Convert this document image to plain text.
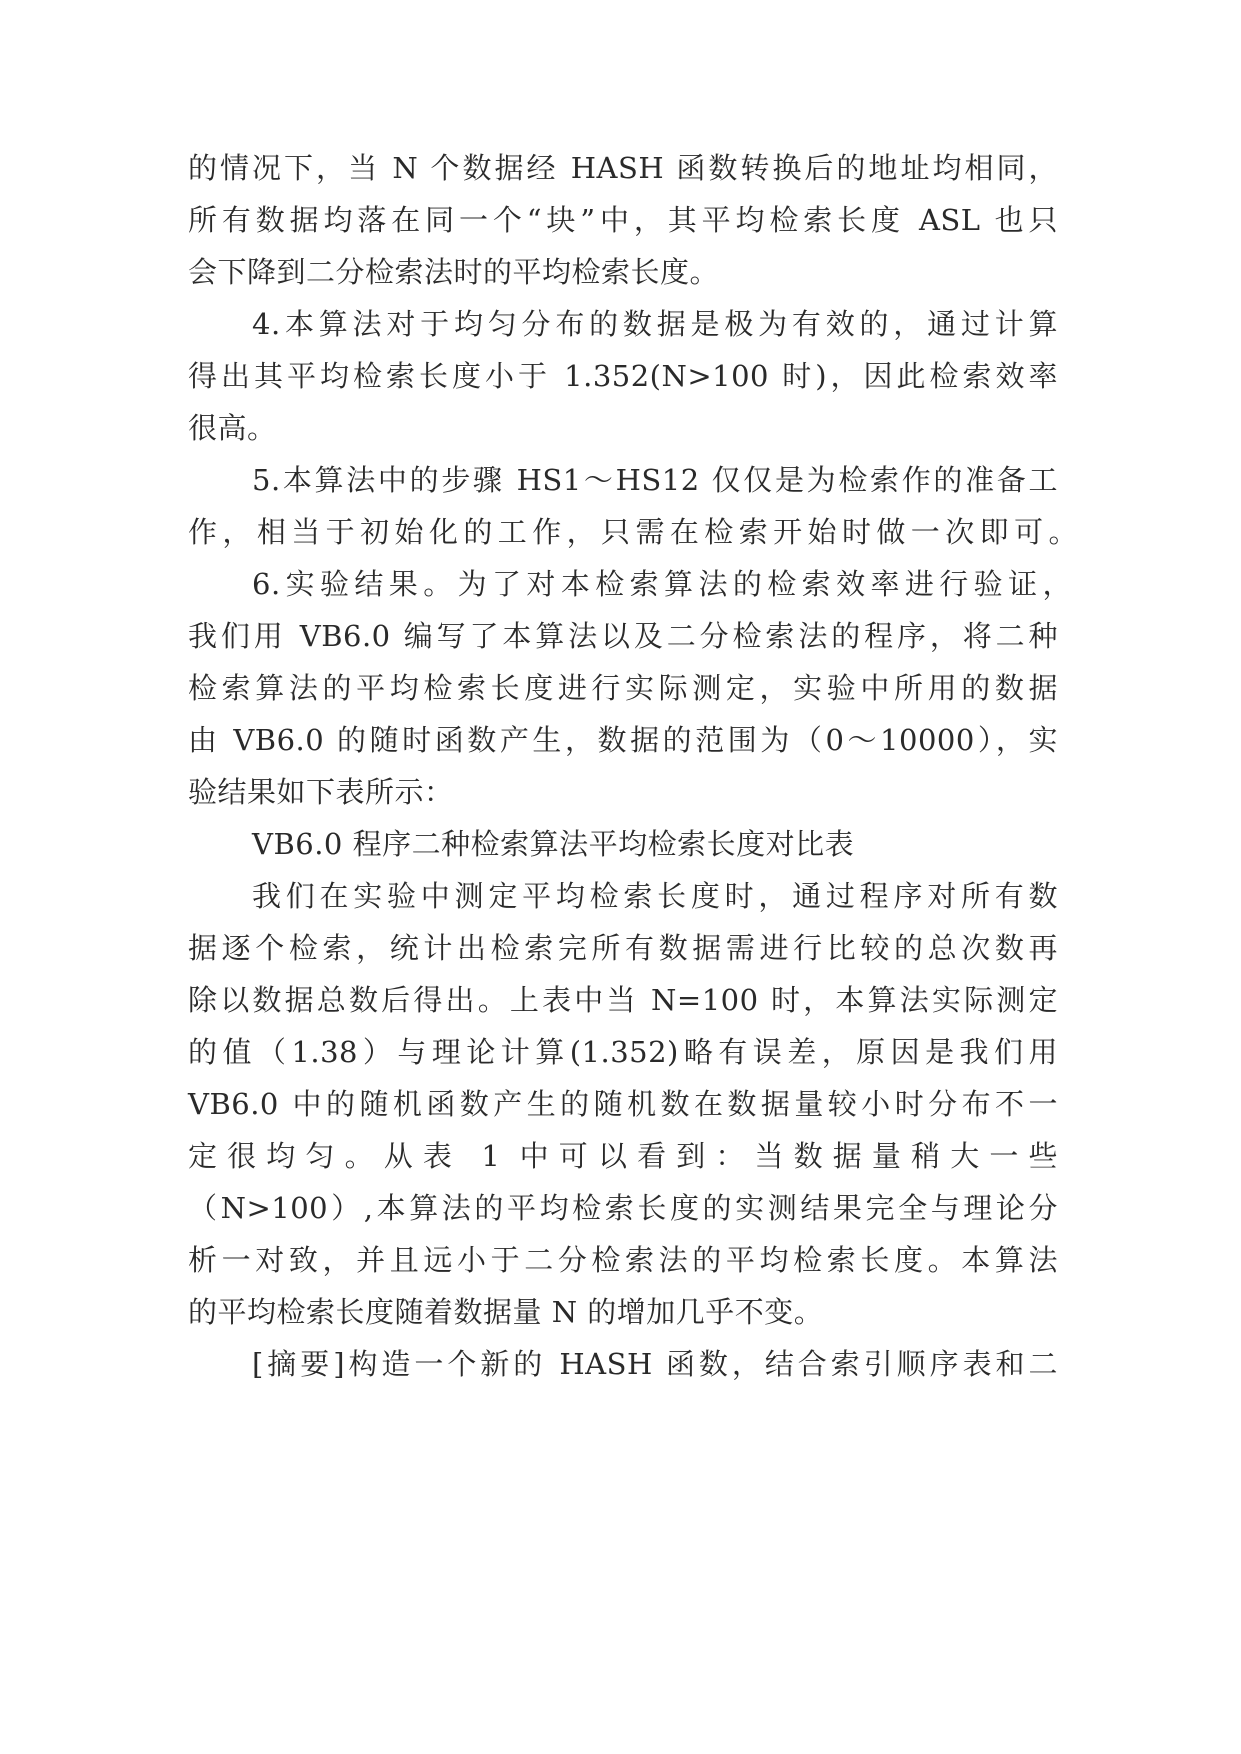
的情况下，当 N 个数据经 HASH 函数转换后的地址均相同，
所有数据均落在同一个“块”中，其平均检索长度 ASL 也只
会下降到二分检索法时的平均检索长度。
4.本算法对于均匀分布的数据是极为有效的，通过计算
得出其平均检索长度小于 1.352(N>100 时)，因此检索效率
很高。
5.本算法中的步骤 HS1～HS12 仅仅是为检索作的准备工
作，相当于初始化的工作，只需在检索开始时做一次即可。
6.实验结果。为了对本检索算法的检索效率进行验证，
我们用 VB6.0 编写了本算法以及二分检索法的程序，将二种
检索算法的平均检索长度进行实际测定，实验中所用的数据
由 VB6.0 的随时函数产生，数据的范围为（0～10000），实
验结果如下表所示：
VB6.0 程序二种检索算法平均检索长度对比表
我们在实验中测定平均检索长度时，通过程序对所有数
据逐个检索，统计出检索完所有数据需进行比较的总次数再
除以数据总数后得出。上表中当 N=100 时，本算法实际测定
的值（1.38）与理论计算(1.352)略有误差，原因是我们用
VB6.0 中的随机函数产生的随机数在数据量较小时分布不一
定很均匀。从表 1 中可以看到：当数据量稍大一些
（N>100）,本算法的平均检索长度的实测结果完全与理论分
析一对致，并且远小于二分检索法的平均检索长度。本算法
的平均检索长度随着数据量 N 的增加几乎不变。
[摘要]构造一个新的 HASH 函数，结合索引顺序表和二
